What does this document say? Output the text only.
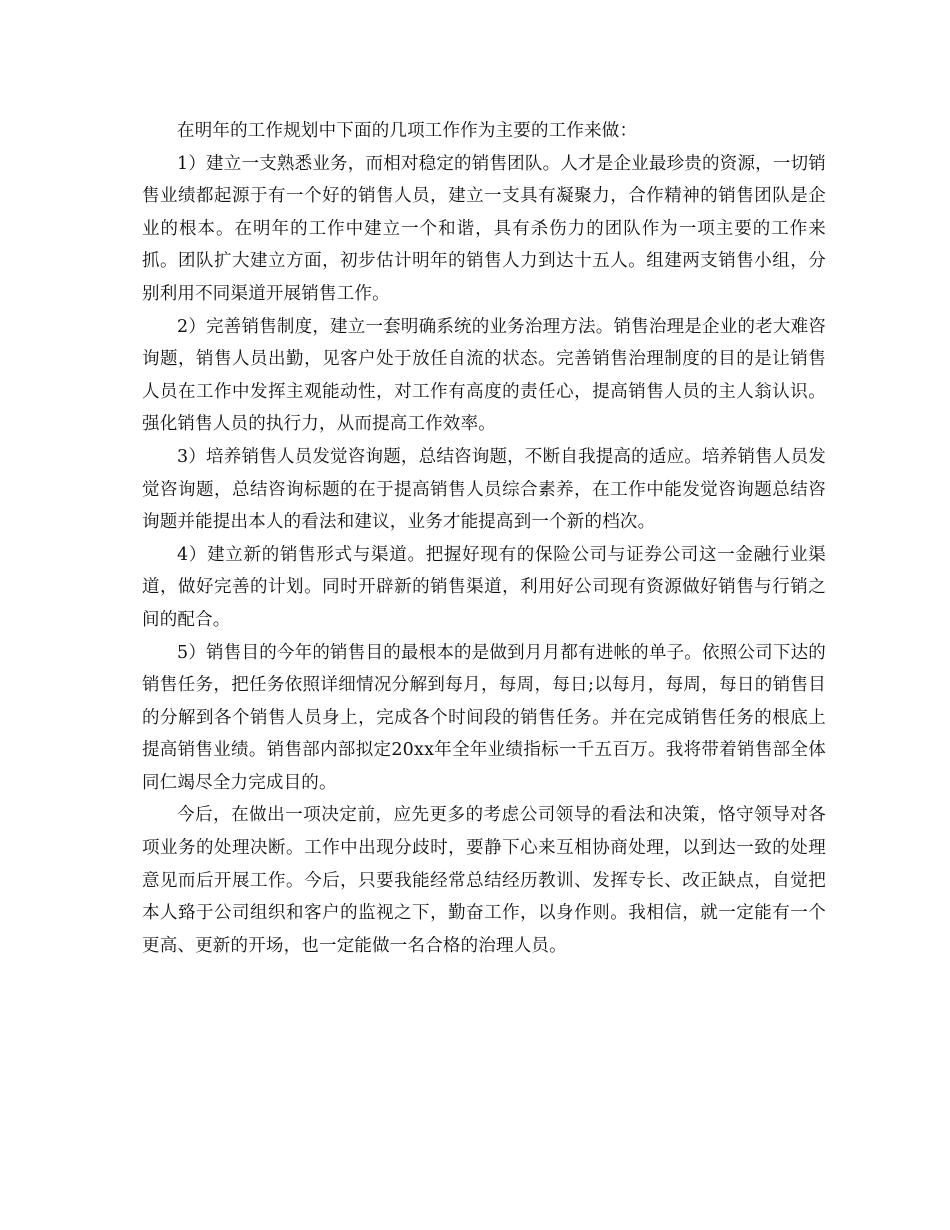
在明年的工作规划中下面的几项工作作为主要的工作来做：

1）建立一支熟悉业务，而相对稳定的销售团队。人才是企业最珍贵的资源，一切销售业绩都起源于有一个好的销售人员，建立一支具有凝聚力，合作精神的销售团队是企业的根本。在明年的工作中建立一个和谐，具有杀伤力的团队作为一项主要的工作来抓。团队扩大建立方面，初步估计明年的销售人力到达十五人。组建两支销售小组，分别利用不同渠道开展销售工作。

2）完善销售制度，建立一套明确系统的业务治理方法。销售治理是企业的老大难咨询题，销售人员出勤，见客户处于放任自流的状态。完善销售治理制度的目的是让销售人员在工作中发挥主观能动性，对工作有高度的责任心，提高销售人员的主人翁认识。强化销售人员的执行力，从而提高工作效率。

3）培养销售人员发觉咨询题，总结咨询题，不断自我提高的适应。培养销售人员发觉咨询题，总结咨询标题的在于提高销售人员综合素养，在工作中能发觉咨询题总结咨询题并能提出本人的看法和建议，业务才能提高到一个新的档次。

4）建立新的销售形式与渠道。把握好现有的保险公司与证券公司这一金融行业渠道，做好完善的计划。同时开辟新的销售渠道，利用好公司现有资源做好销售与行销之间的配合。

5）销售目的今年的销售目的最根本的是做到月月都有进帐的单子。依照公司下达的销售任务，把任务依照详细情况分解到每月，每周，每日;以每月，每周，每日的销售目的分解到各个销售人员身上，完成各个时间段的销售任务。并在完成销售任务的根底上提高销售业绩。销售部内部拟定20xx年全年业绩指标一千五百万。我将带着销售部全体同仁竭尽全力完成目的。

今后，在做出一项决定前，应先更多的考虑公司领导的看法和决策，恪守领导对各项业务的处理决断。工作中出现分歧时，要静下心来互相协商处理，以到达一致的处理意见而后开展工作。今后，只要我能经常总结经历教训、发挥专长、改正缺点，自觉把本人臵于公司组织和客户的监视之下，勤奋工作，以身作则。我相信，就一定能有一个更高、更新的开场，也一定能做一名合格的治理人员。
